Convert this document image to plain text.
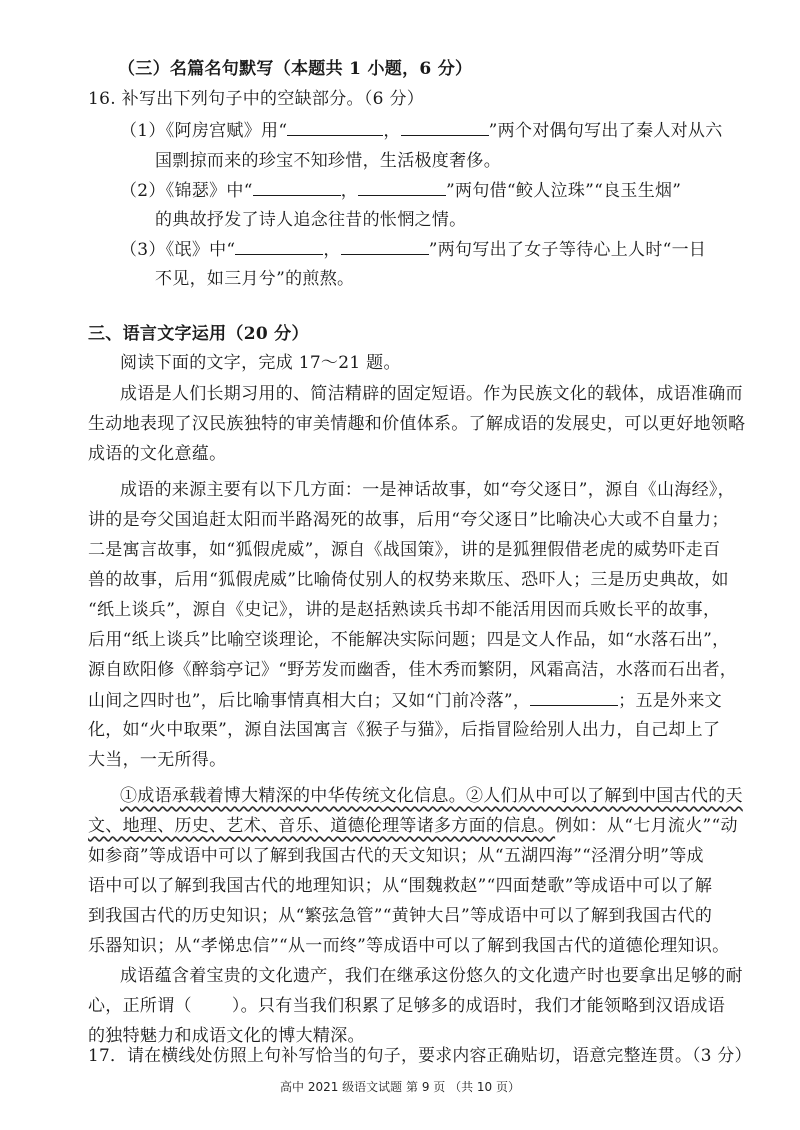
（三）名篇名句默写（本题共 1 小题，6 分）
16. 补写出下列句子中的空缺部分。（6 分）
（1）《阿房宫赋》用“	，	”两个对偶句写出了秦人对从六
国剽掠而来的珍宝不知珍惜，生活极度奢侈。
（2）《锦瑟》中“	，	”两句借“鲛人泣珠”“良玉生烟”
的典故抒发了诗人追念往昔的怅惘之情。
（3）《氓》中“	，	”两句写出了女子等待心上人时“一日
不见，如三月兮”的煎熬。
三、语言文字运用（20 分）
阅读下面的文字，完成 17～21 题。
成语是人们长期习用的、简洁精辟的固定短语。作为民族文化的载体，成语准确而
生动地表现了汉民族独特的审美情趣和价值体系。了解成语的发展史，可以更好地领略
成语的文化意蕴。
成语的来源主要有以下几方面：一是神话故事，如“夸父逐日”，源自《山海经》，
讲的是夸父国追赶太阳而半路渴死的故事，后用“夸父逐日”比喻决心大或不自量力；
二是寓言故事，如“狐假虎威”，源自《战国策》，讲的是狐狸假借老虎的威势吓走百
兽的故事，后用“狐假虎威”比喻倚仗别人的权势来欺压、恐吓人；三是历史典故，如
“纸上谈兵”，源自《史记》，讲的是赵括熟读兵书却不能活用因而兵败长平的故事，
后用“纸上谈兵”比喻空谈理论，不能解决实际问题；四是文人作品，如“水落石出”，
源自欧阳修《醉翁亭记》“野芳发而幽香，佳木秀而繁阴，风霜高洁，水落而石出者，
山间之四时也”，后比喻事情真相大白；又如“门前冷落”，	；五是外来文
化，如“火中取栗”，源自法国寓言《猴子与猫》，后指冒险给别人出力，自己却上了
大当，一无所得。
①成语承载着博大精深的中华传统文化信息。②人们从中可以了解到中国古代的天
文、地理、历史、艺术、音乐、道德伦理等诸多方面的信息。例如：从“七月流火”“动
如参商”等成语中可以了解到我国古代的天文知识；从“五湖四海”“泾渭分明”等成
语中可以了解到我国古代的地理知识；从“围魏救赵”“四面楚歌”等成语中可以了解
到我国古代的历史知识；从“繁弦急管”“黄钟大吕”等成语中可以了解到我国古代的
乐器知识；从“孝悌忠信”“从一而终”等成语中可以了解到我国古代的道德伦理知识。
成语蕴含着宝贵的文化遗产，我们在继承这份悠久的文化遗产时也要拿出足够的耐
心，正所谓（ ）。只有当我们积累了足够多的成语时，我们才能领略到汉语成语
的独特魅力和成语文化的博大精深。
17．请在横线处仿照上句补写恰当的句子，要求内容正确贴切，语意完整连贯。（3 分）
高中 2021 级语文试题 第 9 页 （共 10 页）
